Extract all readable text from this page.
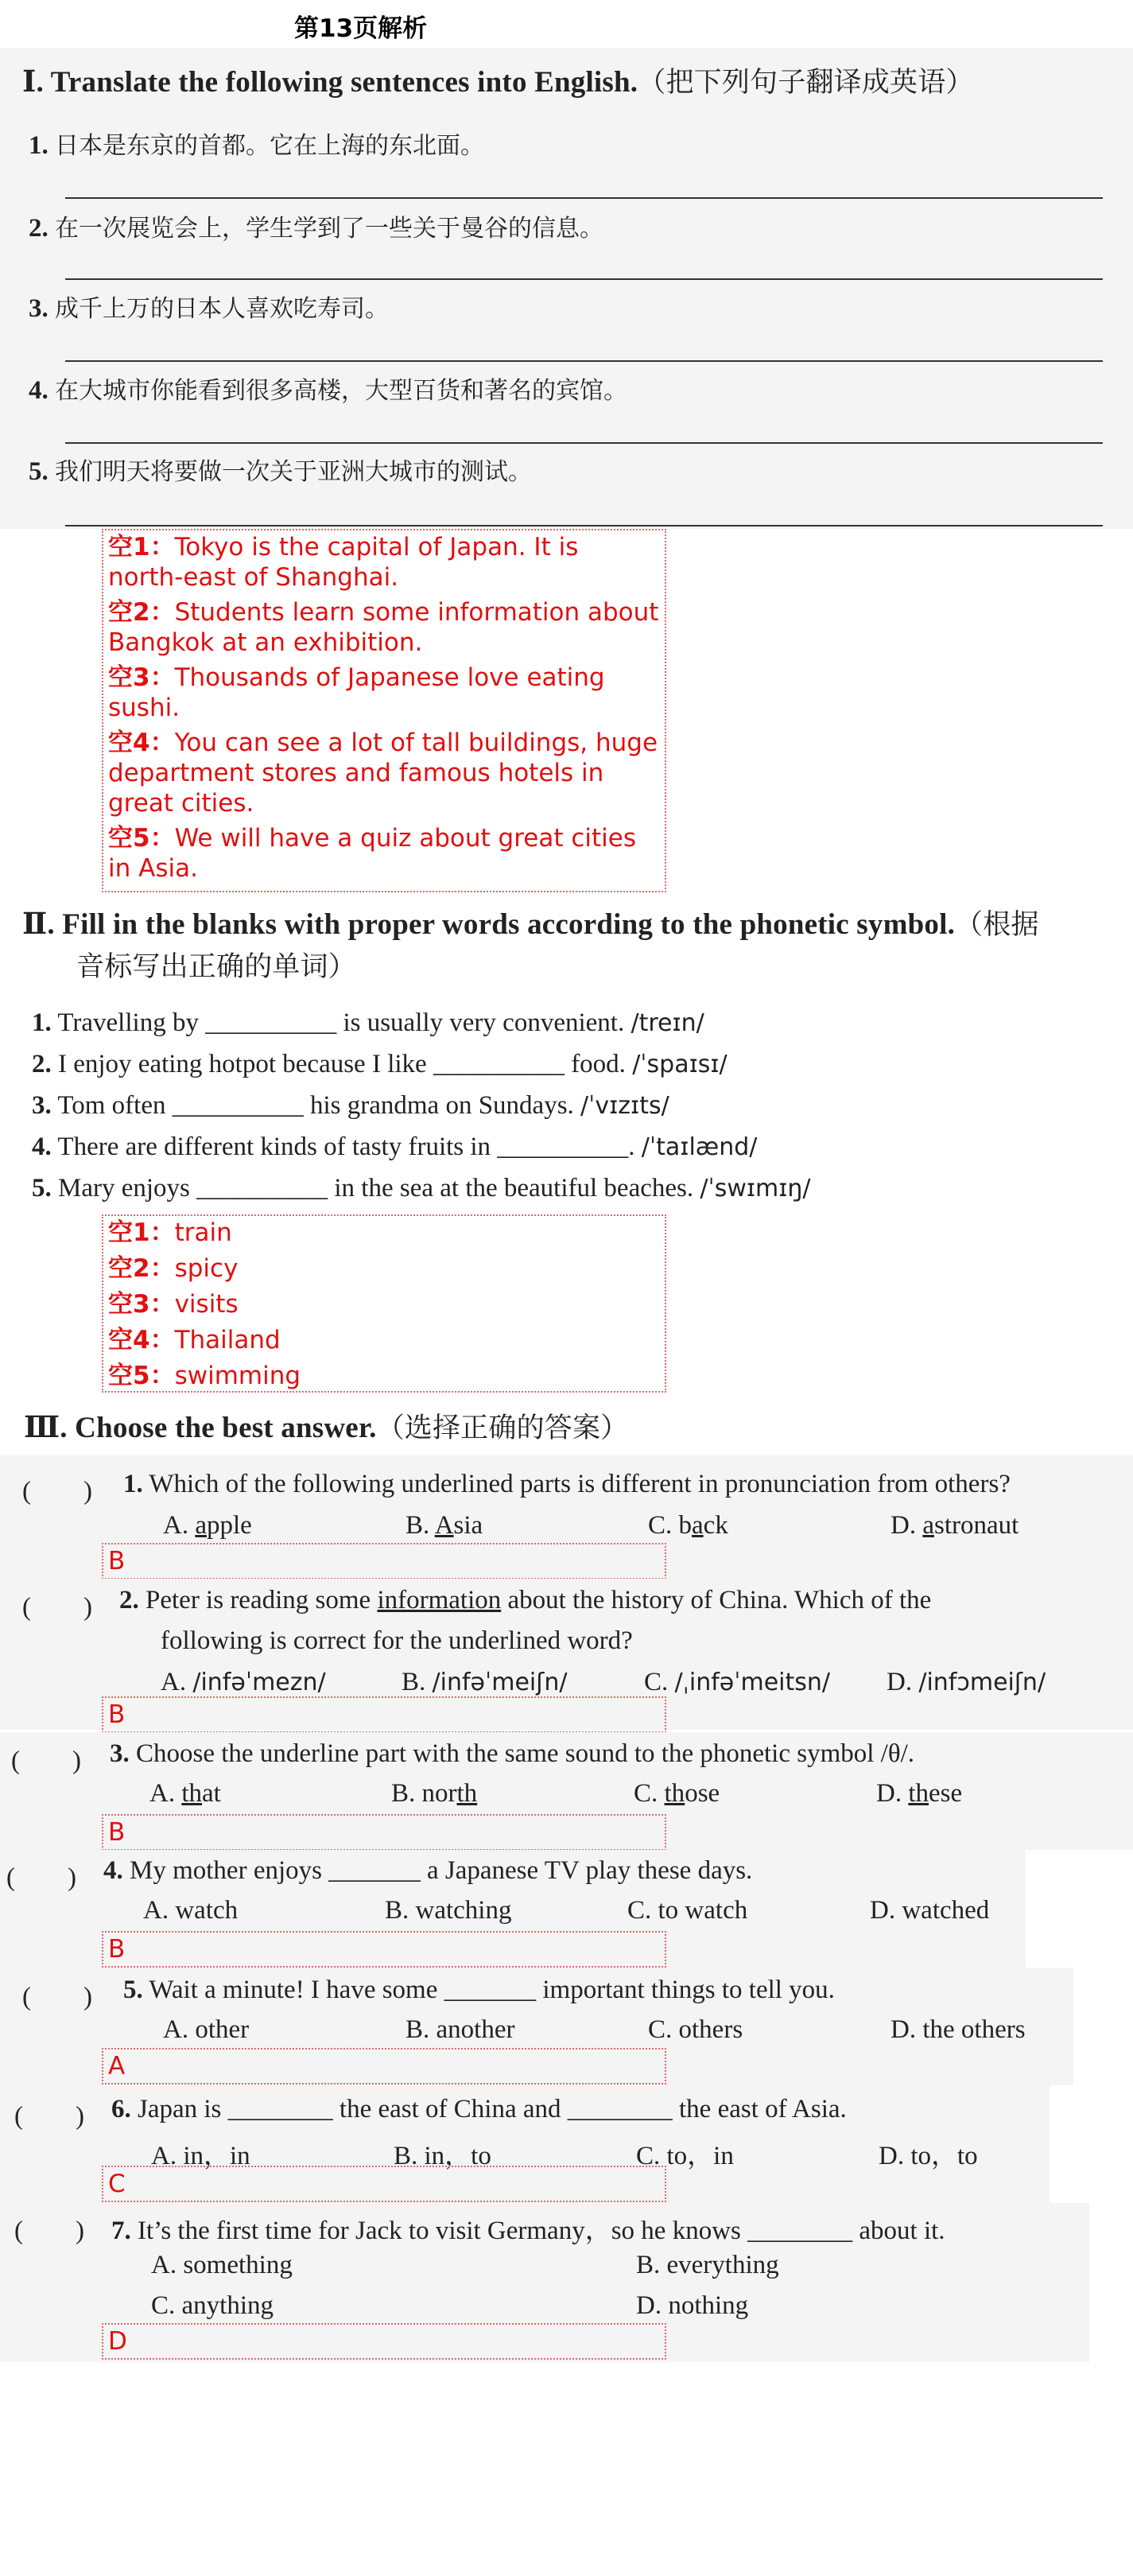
第13页解析
Ⅰ. Translate the following sentences into English.（把下列句子翻译成英语）
1. 日本是东京的首都。它在上海的东北面。
2. 在一次展览会上，学生学到了一些关于曼谷的信息。
3. 成千上万的日本人喜欢吃寿司。
4. 在大城市你能看到很多高楼，大型百货和著名的宾馆。
5. 我们明天将要做一次关于亚洲大城市的测试。
空1：Tokyo is the capital of Japan. It is north-east of Shanghai.
空2：Students learn some information about Bangkok at an exhibition.
空3：Thousands of Japanese love eating sushi.
空4：You can see a lot of tall buildings, huge department stores and famous hotels in great cities.
空5：We will have a quiz about great cities in Asia.
Ⅱ. Fill in the blanks with proper words according to the phonetic symbol.（根据
音标写出正确的单词）
1. Travelling by __________ is usually very convenient. /treɪn/
2. I enjoy eating hotpot because I like __________ food. /ˈspaɪsɪ/
3. Tom often __________ his grandma on Sundays. /ˈvɪzɪts/
4. There are different kinds of tasty fruits in __________. /ˈtaɪlænd/
5. Mary enjoys __________ in the sea at the beautiful beaches. /ˈswɪmɪŋ/
空1：train
空2：spicy
空3：visits
空4：Thailand
空5：swimming
Ⅲ. Choose the best answer.（选择正确的答案）
(　　) 1. Which of the following underlined parts is different in pronunciation from others?
A. apple	B. Asia	C. back	D. astronaut
B
(　　) 2. Peter is reading some information about the history of China. Which of the
following is correct for the underlined word?
A. /infəˈmezn/	B. /infəˈmeiʃn/	C. /ˌinfəˈmeitsn/ D. /infɔmeiʃn/
B
(　　) 3. Choose the underline part with the same sound to the phonetic symbol /θ/.
A. that	B. north	C. those	D. these
B
(　　) 4. My mother enjoys _______ a Japanese TV play these days.
A. watch	B. watching	C. to watch	D. watched
B
(　　) 5. Wait a minute! I have some _______ important things to tell you.
A. other	B. another	C. others	D. the others
A
(　　) 6. Japan is ________ the east of China and ________ the east of Asia.
A. in，in	B. in，to	C. to，in	D. to，to
C
(　　) 7. It’s the first time for Jack to visit Germany，so he knows ________ about it.
A. something	B. everything
C. anything	D. nothing
D
